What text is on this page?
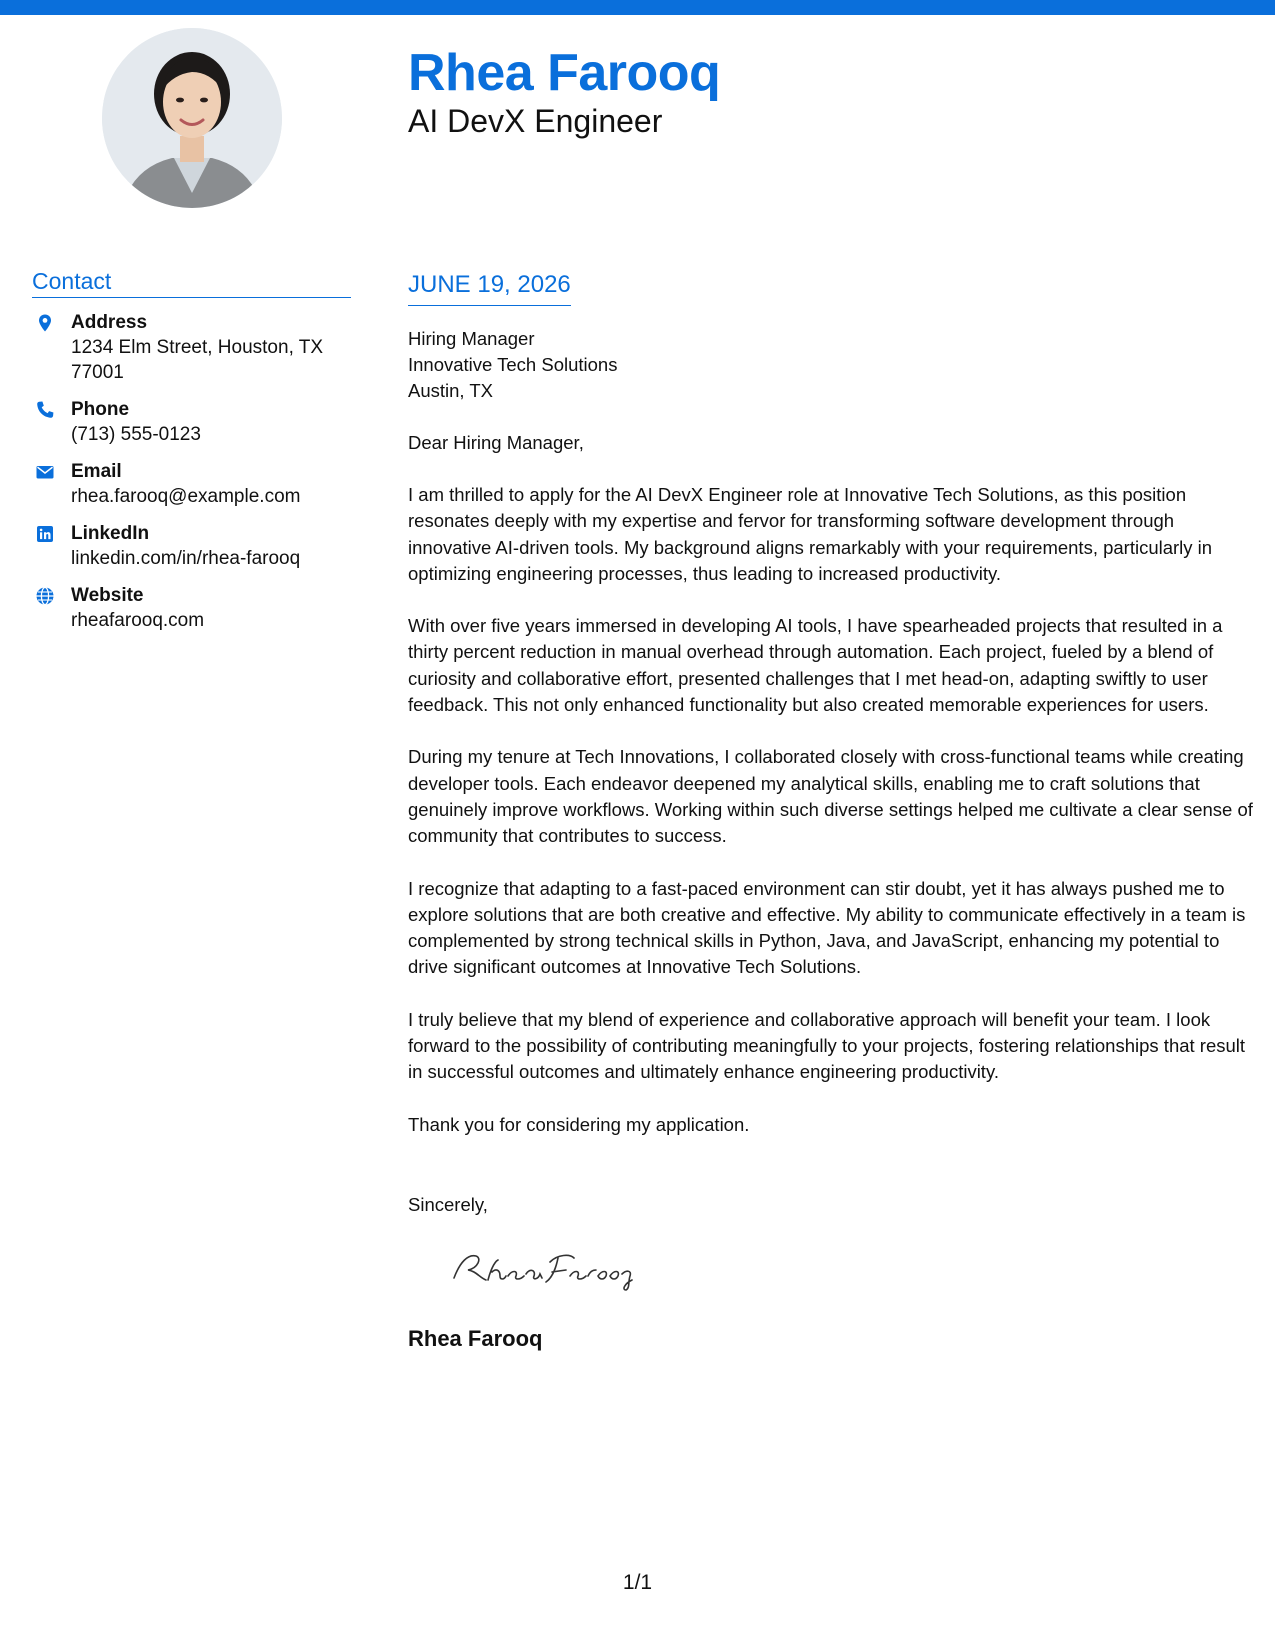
Rhea Farooq
AI DevX Engineer
Contact
Address
1234 Elm Street, Houston, TX 77001
Phone
(713) 555-0123
Email
rhea.farooq@example.com
LinkedIn
linkedin.com/in/rhea-farooq
Website
rheafarooq.com
JUNE 19, 2026
Hiring Manager
Innovative Tech Solutions
Austin, TX
Dear Hiring Manager,

I am thrilled to apply for the AI DevX Engineer role at Innovative Tech Solutions, as this position resonates deeply with my expertise and fervor for transforming software development through innovative AI-driven tools. My background aligns remarkably with your requirements, particularly in optimizing engineering processes, thus leading to increased productivity.

With over five years immersed in developing AI tools, I have spearheaded projects that resulted in a thirty percent reduction in manual overhead through automation. Each project, fueled by a blend of curiosity and collaborative effort, presented challenges that I met head-on, adapting swiftly to user feedback. This not only enhanced functionality but also created memorable experiences for users.

During my tenure at Tech Innovations, I collaborated closely with cross-functional teams while creating developer tools. Each endeavor deepened my analytical skills, enabling me to craft solutions that genuinely improve workflows. Working within such diverse settings helped me cultivate a clear sense of community that contributes to success.

I recognize that adapting to a fast-paced environment can stir doubt, yet it has always pushed me to explore solutions that are both creative and effective. My ability to communicate effectively in a team is complemented by strong technical skills in Python, Java, and JavaScript, enhancing my potential to drive significant outcomes at Innovative Tech Solutions.

I truly believe that my blend of experience and collaborative approach will benefit your team. I look forward to the possibility of contributing meaningfully to your projects, fostering relationships that result in successful outcomes and ultimately enhance engineering productivity.

Thank you for considering my application.

Sincerely,
Rhea Farooq
1/1
